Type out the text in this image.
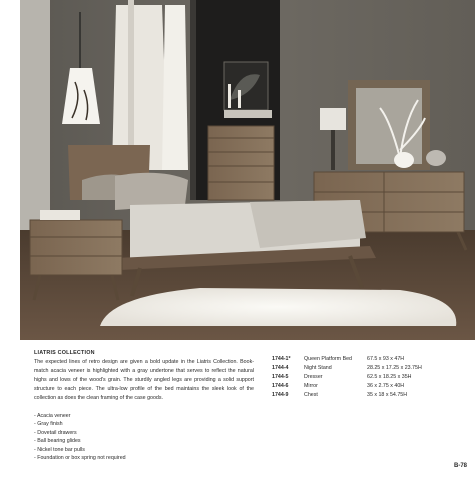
LIATRIS COLLECTION

The expected lines of retro design are given a bold update in the Liatris Collection. Book- match acacia veneer is highlighted with a gray undertone that serves to reflect the natural highs and lows of the wood's grain. The sturdily angled legs are providing a solid support structure to each piece. The ultra-low profile of the bed maintains the sleek look of the collection as does the clean framing of the case goods.

- Acacia veneer
- Gray finish
- Dovetail drawers
- Ball bearing glides
- Nickel tone bar pulls
- Foundation or box spring not required
1744-1*	Queen Platform Bed	67.5 x 93 x 47H
1744-4	Night Stand	28.25 x 17.25 x 23.75H
1744-5	Dresser	62.5 x 18.25 x 35H
1744-6	Mirror	36 x 2.75 x 40H
1744-9	Chest	35 x 18 x 54.75H
B-78
